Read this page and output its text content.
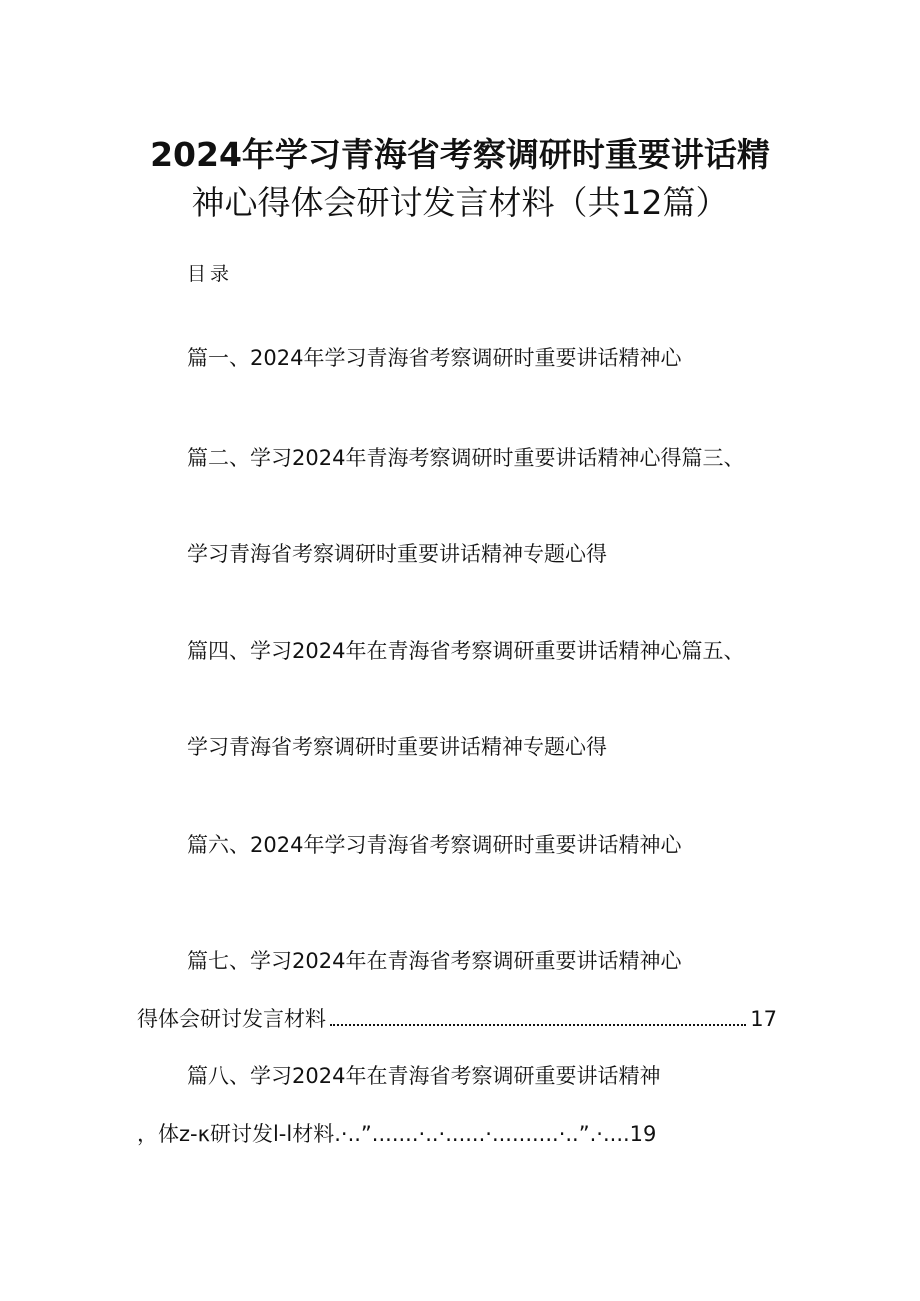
2024年学习青海省考察调研时重要讲话精
神心得体会研讨发言材料（共12篇）
目录
篇一、2024年学习青海省考察调研时重要讲话精神心
篇二、学习2024年青海考察调研时重要讲话精神心得篇三、
学习青海省考察调研时重要讲话精神专题心得
篇四、学习2024年在青海省考察调研重要讲话精神心篇五、
学习青海省考察调研时重要讲话精神专题心得
篇六、2024年学习青海省考察调研时重要讲话精神心
篇七、学习2024年在青海省考察调研重要讲话精神心
得体会研讨发言材料	17
篇八、学习2024年在青海省考察调研重要讲话精神
，体z-κ研讨发l-l材料.·..”.......·..·......·..........·..”.·....19
